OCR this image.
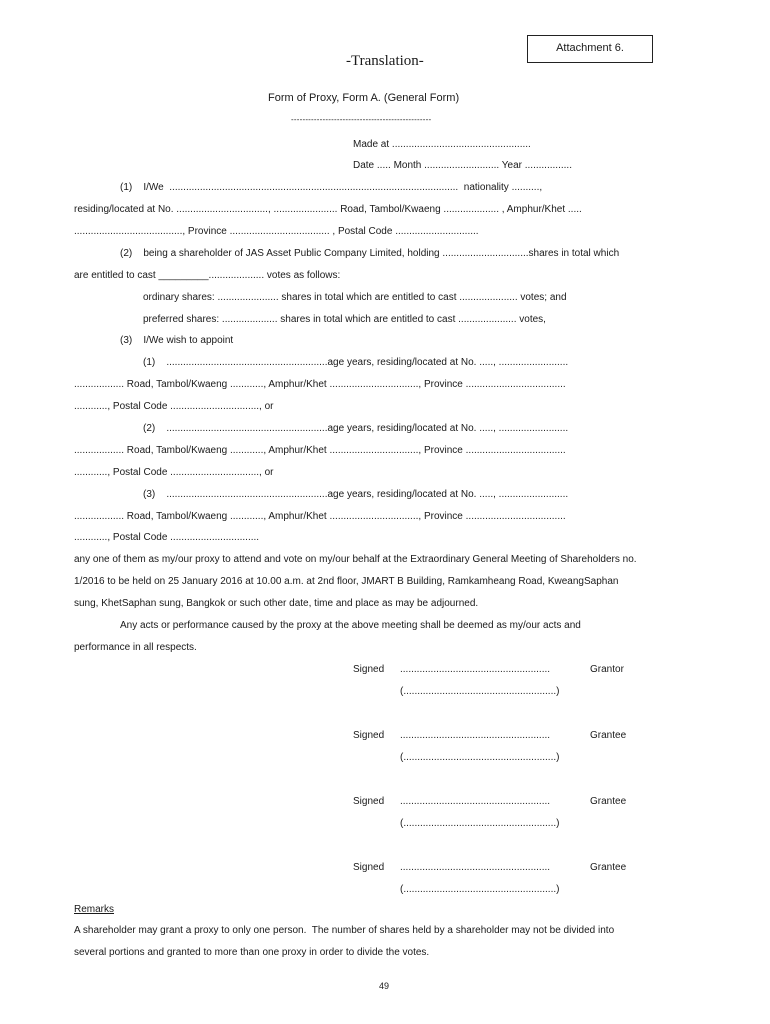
Attachment 6.
-Translation-
Form of Proxy, Form A. (General Form)
-------------------------------------------------
Made at ..................................................
Date ..... Month ........................... Year .................
(1)    I/We  ........................................................................................................  nationality ..........,
residing/located at No. ................................., ....................... Road, Tambol/Kwaeng .................... , Amphur/Khet .....
......................................., Province .................................... , Postal Code ..............................
(2)    being a shareholder of JAS Asset Public Company Limited, holding ...............................shares in total which
are entitled to cast _________.................... votes as follows:
ordinary shares: ...................... shares in total which are entitled to cast ..................... votes; and
preferred shares: .................... shares in total which are entitled to cast ..................... votes,
(3)    I/We wish to appoint
(1)    ..........................................................age years, residing/located at No. ....., .........................
.................. Road, Tambol/Kwaeng ............, Amphur/Khet ................................, Province ....................................
............, Postal Code ................................, or
(2)    ..........................................................age years, residing/located at No. ....., .........................
.................. Road, Tambol/Kwaeng ............, Amphur/Khet ................................, Province ....................................
............, Postal Code ................................, or
(3)    ..........................................................age years, residing/located at No. ....., .........................
.................. Road, Tambol/Kwaeng ............, Amphur/Khet ................................, Province ....................................
............, Postal Code ................................
any one of them as my/our proxy to attend and vote on my/our behalf at the Extraordinary General Meeting of Shareholders no.
1/2016 to be held on 25 January 2016 at 10.00 a.m. at 2nd floor, JMART B Building, Ramkamheang Road, KweangSaphan
sung, KhetSaphan sung, Bangkok or such other date, time and place as may be adjourned.
Any acts or performance caused by the proxy at the above meeting shall be deemed as my/our acts and
performance in all respects.
Signed ......................................................	Grantor
(.......................................................)
Signed ......................................................	Grantee
(.......................................................)
Signed ......................................................	Grantee
(.......................................................)
Signed ......................................................	Grantee
(.......................................................)
Remarks
A shareholder may grant a proxy to only one person.  The number of shares held by a shareholder may not be divided into
several portions and granted to more than one proxy in order to divide the votes.
49
